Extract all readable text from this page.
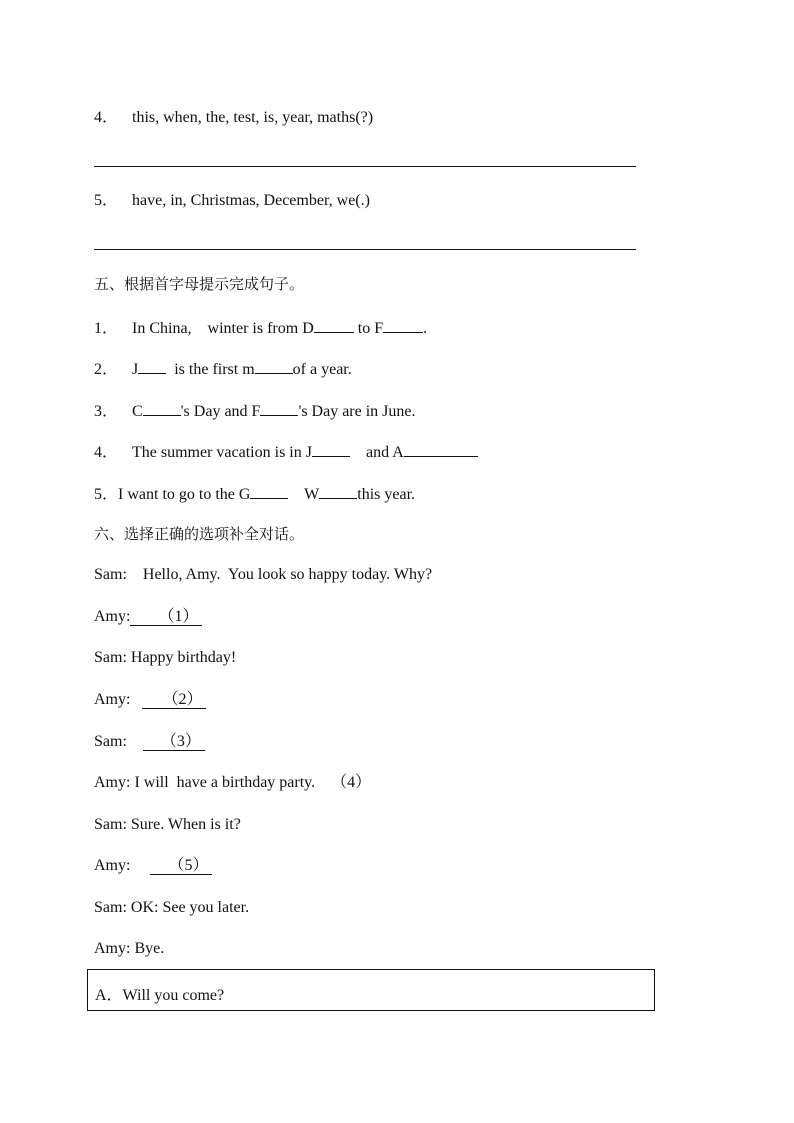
4． this, when, the, test, is, year, maths(?)
5． have, in, Christmas, December, we(.)
五、根据首字母提示完成句子。
1． In China,    winter is from D	to F	.
2． J  is the first m of a year.
3． C 's Day and F 's Day are in June.
4． The summer vacation is in J    and A
5．I want to go to the G    W this year.
六、选择正确的选项补全对话。
Sam: Hello, Amy.  You look so happy today. Why?
Amy: （1）
Sam: Happy birthday!
Amy: （2）
Sam: （3）
Amy: I will  have a birthday party. （4）
Sam: Sure. When is it?
Amy: （5）
Sam: OK: See you later.
Amy: Bye.
A．Will you come?
